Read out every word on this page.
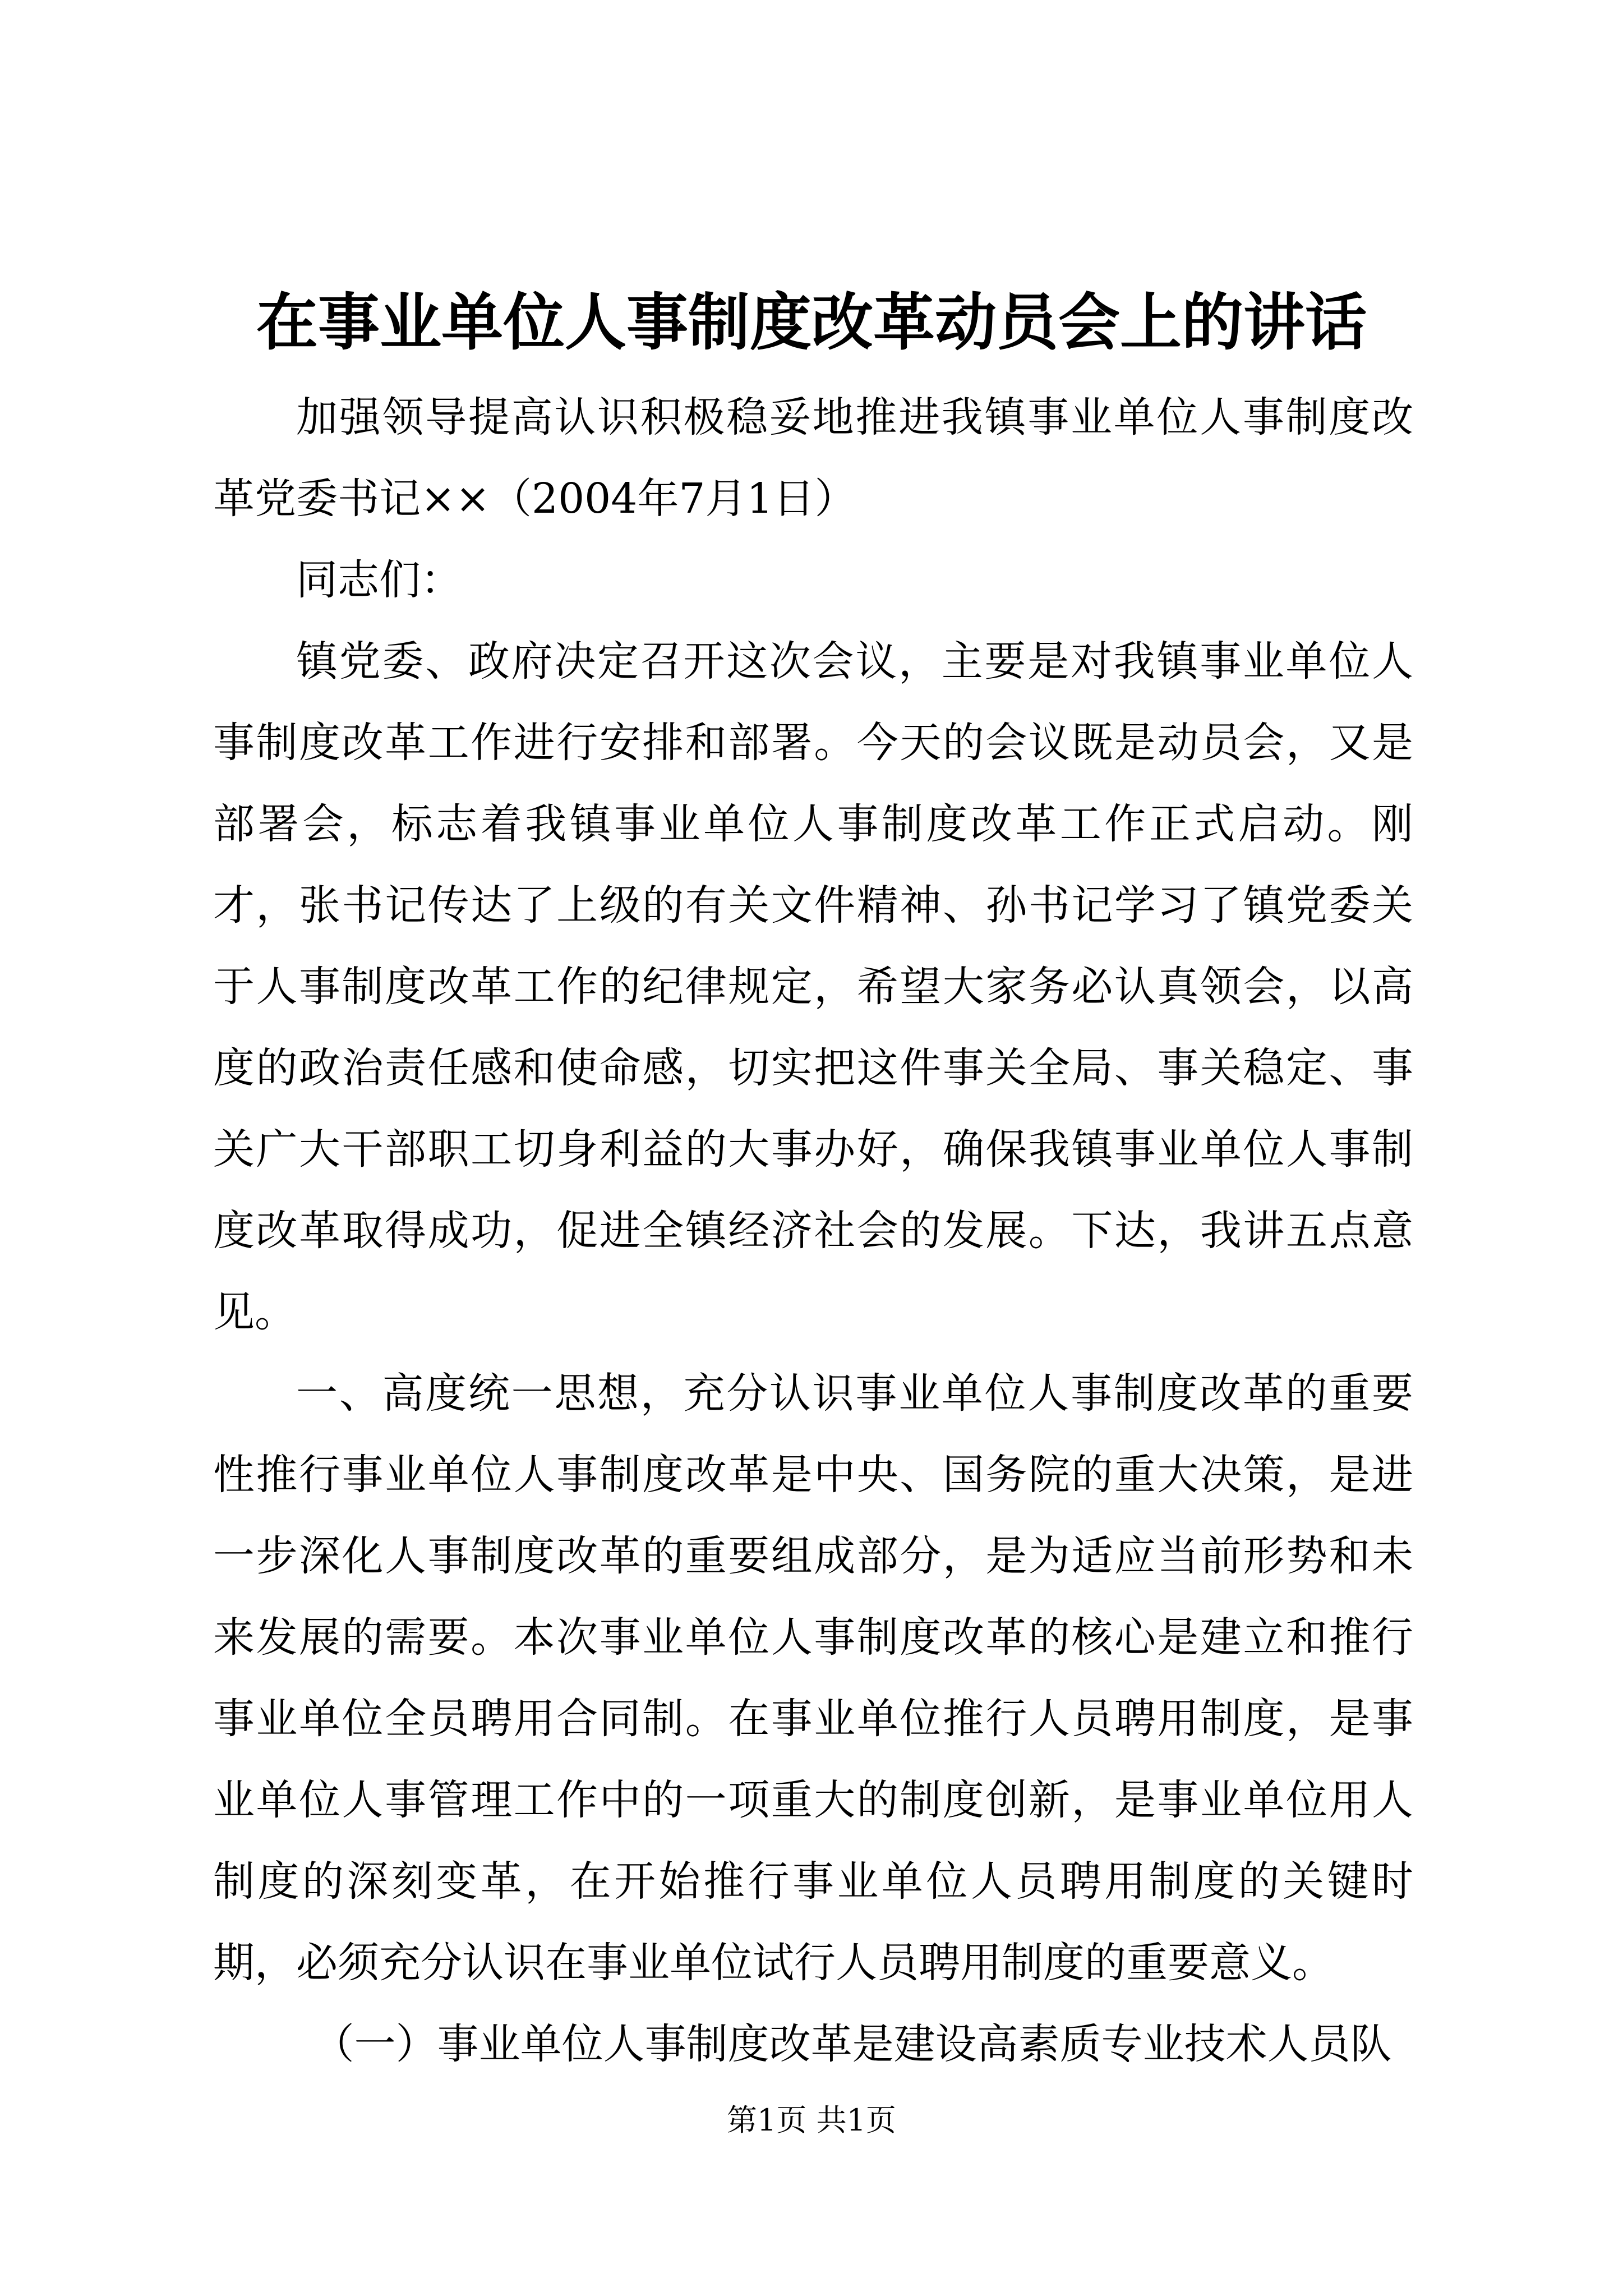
在事业单位人事制度改革动员会上的讲话

加强领导提高认识积极稳妥地推进我镇事业单位人事制度改革党委书记××（2004年7月1日）

同志们：

镇党委、政府决定召开这次会议，主要是对我镇事业单位人事制度改革工作进行安排和部署。今天的会议既是动员会，又是部署会，标志着我镇事业单位人事制度改革工作正式启动。刚才，张书记传达了上级的有关文件精神、孙书记学习了镇党委关于人事制度改革工作的纪律规定，希望大家务必认真领会，以高度的政治责任感和使命感，切实把这件事关全局、事关稳定、事关广大干部职工切身利益的大事办好，确保我镇事业单位人事制度改革取得成功，促进全镇经济社会的发展。下达，我讲五点意见。

一、高度统一思想，充分认识事业单位人事制度改革的重要性推行事业单位人事制度改革是中央、国务院的重大决策，是进一步深化人事制度改革的重要组成部分，是为适应当前形势和未来发展的需要。本次事业单位人事制度改革的核心是建立和推行事业单位全员聘用合同制。在事业单位推行人员聘用制度，是事业单位人事管理工作中的一项重大的制度创新，是事业单位用人制度的深刻变革，在开始推行事业单位人员聘用制度的关键时期，必须充分认识在事业单位试行人员聘用制度的重要意义。

（一）事业单位人事制度改革是建设高素质专业技术人员队

第1页 共1页
